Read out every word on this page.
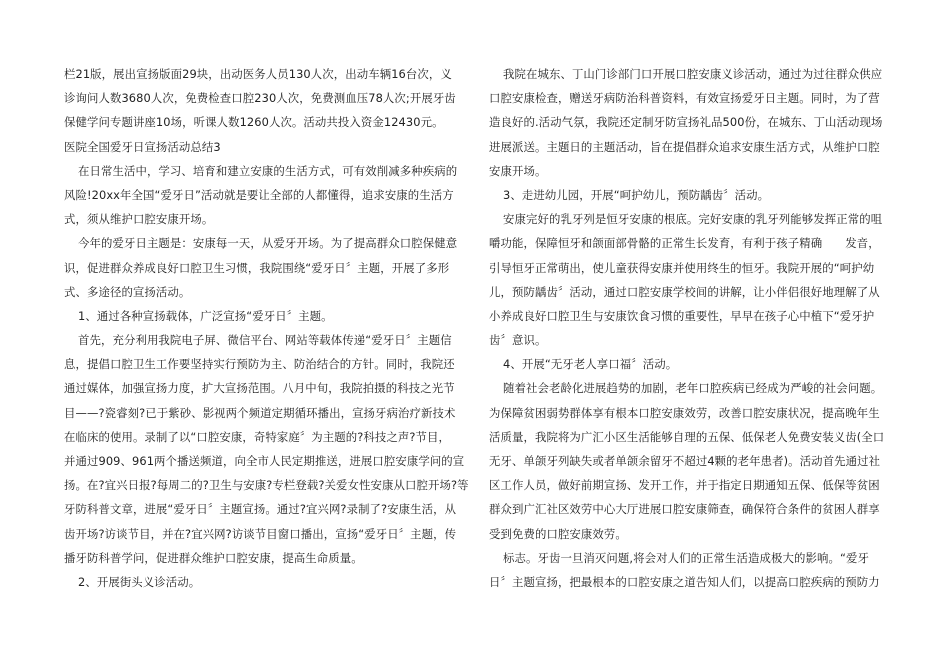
栏21版，展出宣扬版面29块，出动医务人员130人次，出动车辆16台次，义
诊询问人数3680人次，免费检查口腔230人次，免费测血压78人次;开展牙齿
保健学问专题讲座10场，听课人数1260人次。活动共投入资金12430元。
医院全国爱牙日宣扬活动总结3
在日常生活中，学习、培育和建立安康的生活方式，可有效削减多种疾病的
风险!20xx年全国“爱牙日”活动就是要让全部的人都懂得，追求安康的生活方
式，须从维护口腔安康开场。
今年的爱牙日主题是：安康每一天，从爱牙开场。为了提高群众口腔保健意
识，促进群众养成良好口腔卫生习惯，我院围绕“爱牙日〞主题，开展了多形
式、多途径的宣扬活动。
1、通过各种宣扬载体，广泛宣扬“爱牙日〞主题。
首先，充分利用我院电子屏、微信平台、网站等载体传递“爱牙日〞主题信
息，提倡口腔卫生工作要坚持实行预防为主、防治结合的方针。同时，我院还
通过媒体，加强宣扬力度，扩大宣扬范围。八月中旬，我院拍摄的科技之光节
目——?瓷睿刻?已于紫砂、影视两个频道定期循环播出，宣扬牙病治疗新技术
在临床的使用。录制了以“口腔安康，奇特家庭〞为主题的?科技之声?节目，
并通过909、961两个播送频道，向全市人民定期推送，进展口腔安康学问的宣
扬。在?宜兴日报?每周二的?卫生与安康?专栏登载?关爱女性安康从口腔开场?等
牙防科普文章，进展“爱牙日〞主题宣扬。通过?宜兴网?录制了?安康生活，从
齿开场?访谈节目，并在?宜兴网?访谈节目窗口播出，宣扬“爱牙日〞主题，传
播牙防科普学问，促进群众维护口腔安康，提高生命质量。
2、开展街头义诊活动。
我院在城东、丁山门诊部门口开展口腔安康义诊活动，通过为过往群众供应
口腔安康检查，赠送牙病防治科普资料，有效宣扬爱牙日主题。同时，为了营
造良好的.活动气氛，我院还定制牙防宣扬礼品500份，在城东、丁山活动现场
进展派送。主题日的主题活动，旨在提倡群众追求安康生活方式，从维护口腔
安康开场。
3、走进幼儿园，开展“呵护幼儿，预防龋齿〞活动。
安康完好的乳牙列是恒牙安康的根底。完好安康的乳牙列能够发挥正常的咀
嚼功能，保障恒牙和颌面部骨骼的正常生长发育，有利于孩子精确　　发音，
引导恒牙正常萌出，使儿童获得安康并使用终生的恒牙。我院开展的“呵护幼
儿，预防龋齿〞活动，通过口腔安康学校间的讲解，让小伴侣很好地理解了从
小养成良好口腔卫生与安康饮食习惯的重要性，早早在孩子心中植下“爱牙护
齿〞意识。
4、开展“无牙老人享口福〞活动。
随着社会老龄化进展趋势的加剧，老年口腔疾病已经成为严峻的社会问题。
为保障贫困弱势群体享有根本口腔安康效劳，改善口腔安康状况，提高晚年生
活质量，我院将为广汇小区生活能够自理的五保、低保老人免费安装义齿(全口
无牙、单颌牙列缺失或者单颌余留牙不超过4颗的老年患者)。活动首先通过社
区工作人员，做好前期宣扬、发开工作，并于指定日期通知五保、低保等贫困
群众到广汇社区效劳中心大厅进展口腔安康筛查，确保符合条件的贫困人群享
受到免费的口腔安康效劳。
标志。牙齿一旦消灭问题,将会对人们的正常生活造成极大的影响。“爱牙
日〞主题宣扬，把最根本的口腔安康之道告知人们，以提高口腔疾病的预防力
